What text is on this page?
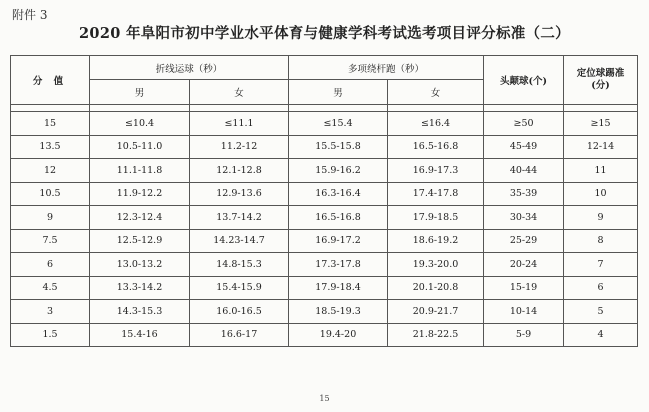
附件 3
2020 年阜阳市初中学业水平体育与健康学科考试选考项目评分标准（二）
分 值	折线运球（秒）		多项绕杆跑（秒）		头颠球(个)	定位球踢准
(分)
	男	女	男	女		

15	≤10.4	≤11.1	≤15.4	≤16.4	≥50	≥15
13.5	10.5-11.0	11.2-12	15.5-15.8	16.5-16.8	45-49	12-14
12	11.1-11.8	12.1-12.8	15.9-16.2	16.9-17.3	40-44	11
10.5	11.9-12.2	12.9-13.6	16.3-16.4	17.4-17.8	35-39	10
9	12.3-12.4	13.7-14.2	16.5-16.8	17.9-18.5	30-34	9
7.5	12.5-12.9	14.23-14.7	16.9-17.2	18.6-19.2	25-29	8
6	13.0-13.2	14.8-15.3	17.3-17.8	19.3-20.0	20-24	7
4.5	13.3-14.2	15.4-15.9	17.9-18.4	20.1-20.8	15-19	6
3	14.3-15.3	16.0-16.5	18.5-19.3	20.9-21.7	10-14	5
1.5	15.4-16	16.6-17	19.4-20	21.8-22.5	5-9	4
15
